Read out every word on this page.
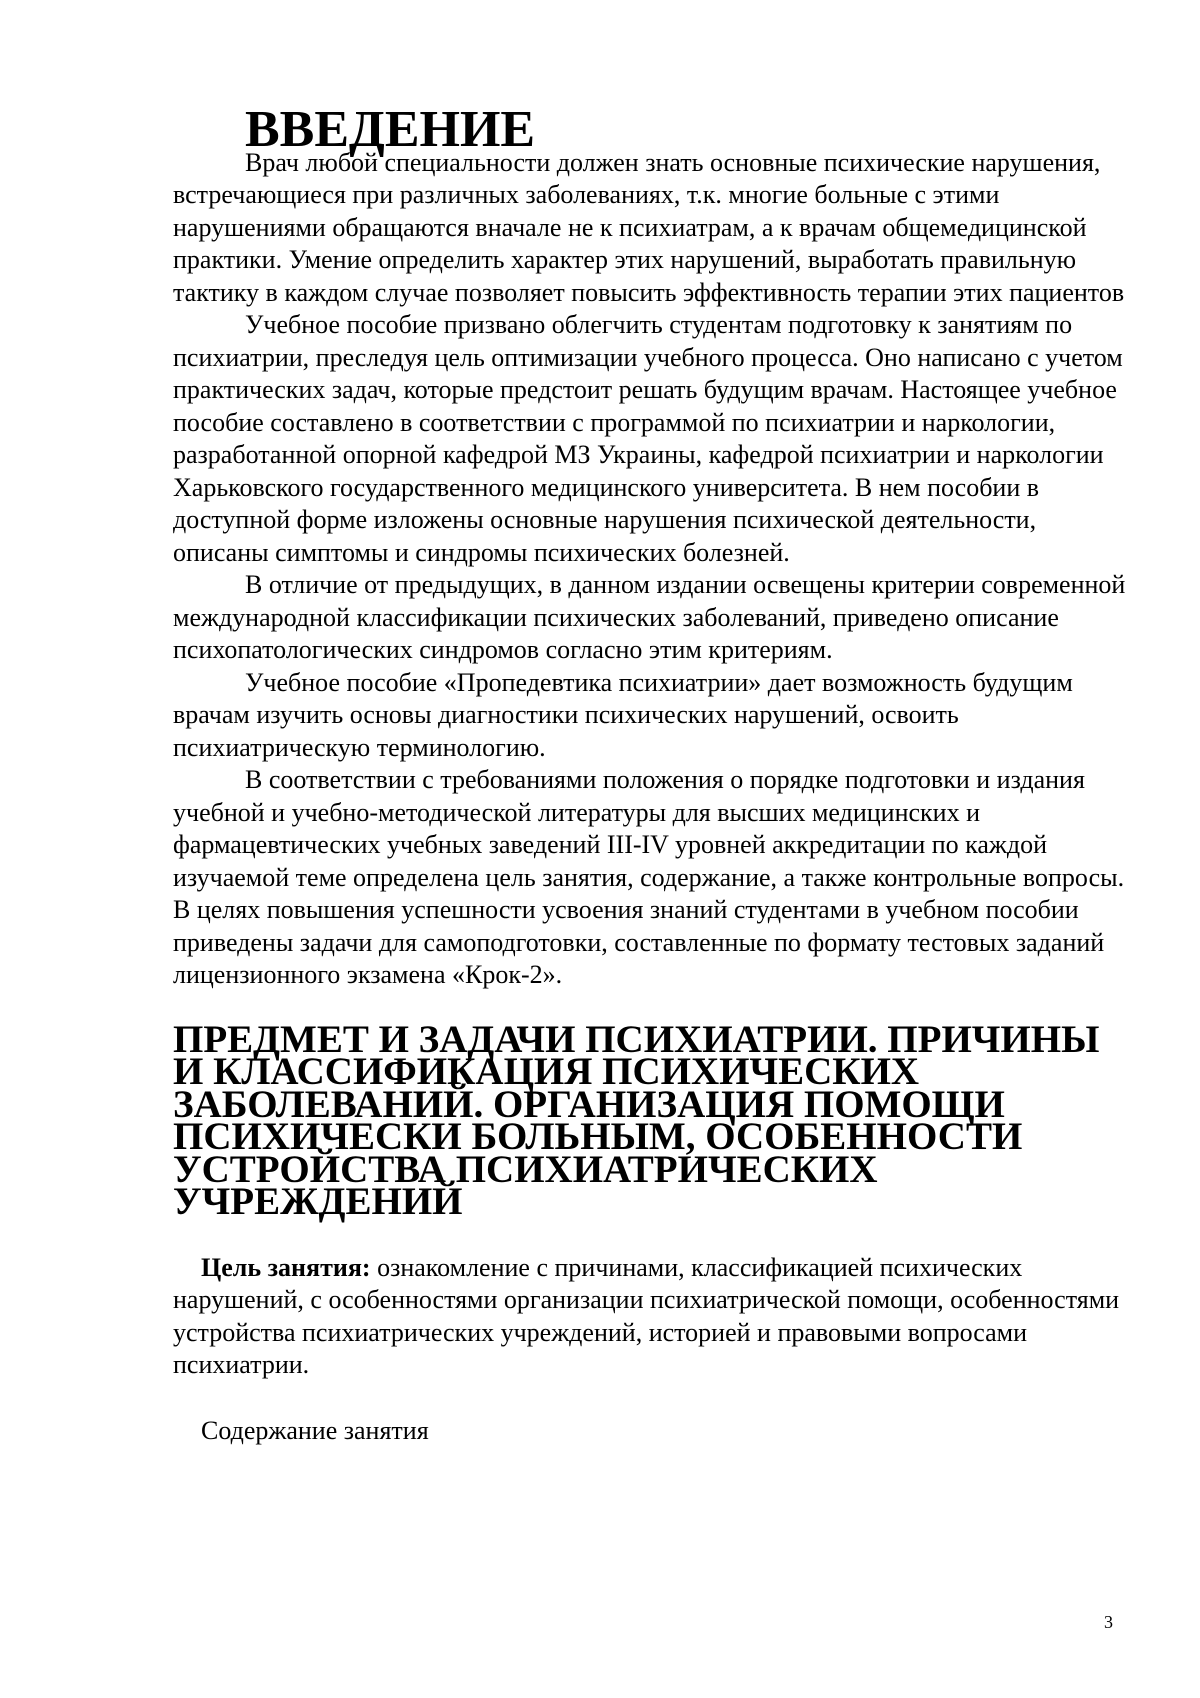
ВВЕДЕНИЕ

Врач любой специальности должен знать основные психические нарушения, встречающиеся при различных заболеваниях, т.к. многие больные с этими нарушениями обращаются вначале не к психиатрам, а к врачам общемедицинской практики. Умение определить характер этих нарушений, выработать правильную тактику в каждом случае позволяет повысить эффективность терапии этих пациентов

Учебное пособие призвано облегчить студентам подготовку к занятиям по психиатрии, преследуя цель оптимизации учебного процесса. Оно написано с учетом практических задач, которые предстоит решать будущим врачам. Настоящее учебное пособие составлено в соответствии с программой по психиатрии и наркологии, разработанной опорной кафедрой МЗ Украины, кафедрой психиатрии и наркологии Харьковского государственного медицинского университета. В нем пособии в доступной форме изложены основные нарушения психической деятельности, описаны симптомы и синдромы психических болезней.

В отличие от предыдущих, в данном издании освещены критерии современной международной классификации психических заболеваний, приведено описание психопатологических синдромов согласно этим критериям.

Учебное пособие «Пропедевтика психиатрии» дает возможность будущим врачам изучить основы диагностики психических нарушений, освоить психиатрическую терминологию.

В соответствии с требованиями положения о порядке подготовки и издания учебной и учебно-методической литературы для высших медицинских и фармацевтических учебных заведений III-IV уровней аккредитации по каждой изучаемой теме определена цель занятия, содержание, а также контрольные вопросы. В целях повышения успешности усвоения знаний студентами в учебном пособии приведены задачи для самоподготовки, составленные по формату тестовых заданий лицензионного экзамена «Крок-2».

ПРЕДМЕТ И ЗАДАЧИ ПСИХИАТРИИ. ПРИЧИНЫ И КЛАССИФИКАЦИЯ ПСИХИЧЕСКИХ ЗАБОЛЕВАНИЙ. ОРГАНИЗАЦИЯ ПОМОЩИ ПСИХИЧЕСКИ БОЛЬНЫМ, ОСОБЕННОСТИ УСТРОЙСТВА ПСИХИАТРИЧЕСКИХ УЧРЕЖДЕНИЙ

Цель занятия: ознакомление с причинами, классификацией психических нарушений, с особенностями организации психиатрической помощи, особенностями устройства психиатрических учреждений, историей и правовыми вопросами психиатрии.

Содержание занятия

3
